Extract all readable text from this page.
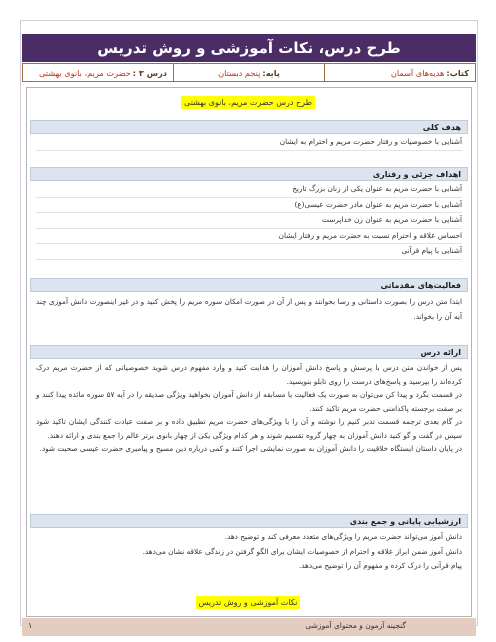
طرح درس، نکات آموزشی و روش تدریس
کتاب:
هدیه‌های آسمان
پایه:
پنجم دبستان
درس ۳ :
حضرت مریم، بانوی بهشتی
طرح درس حضرت مریم، بانوی بهشتی
هدف کلی
آشنایی با خصوصیات و رفتار حضرت مریم و احترام به ایشان
اهداف جزئی و رفتاری
آشنایی با حضرت مریم به عنوان یکی از زنان بزرگ تاریخ
آشنایی با حضرت مریم به عنوان مادر حضرت عیسی(ع)
آشنایی با حضرت مریم به عنوان زن خداپرست
احساس علاقه و احترام نسبت به حضرت مریم و رفتار ایشان
آشنایی با پیام قرآنی
فعالیت‌های مقدماتی

ابتدا متن درس را بصورت داستانی و رسا بخوانند و پس از آن در صورت امکان سوره مریم را پخش کنید و در غیر اینصورت دانش آموزی چند آیه آن را بخواند.

ارائه درس

پس از خواندن متن درس با پرسش و پاسخ دانش آموزان را هدایت کنید و وارد مفهوم درس شوید خصوصیاتی که از حضرت مریم درک کرده‌اند را بپرسید و پاسخ‌های درست را روی تابلو بنویسید.

در قسمت بگرد و پیدا کن می‌توان به صورت یک فعالیت یا مسابقه از دانش آموزان بخواهید ویژگی صدیقه را در آیه ۵۷ سوره مائده پیدا کنند و بر صفت برجسته پاکدامنی حضرت مریم تاکید کنند.

در گام بعدی ترجمه قسمت تدبر کنیم را نوشته و آن را با ویژگی‌های حضرت مریم تطبیق داده و بر صفت عبادت کنندگی ایشان تاکید شود سپس در گفت و گو کنید دانش آموزان به چهار گروه تقسیم شوند و هر کدام ویژگی یکی از چهار بانوی برتر عالم را جمع بندی و ارائه دهند.

در پایان داستان ایستگاه خلاقیت را دانش آموزان به صورت نمایشی اجرا کنند و کمی درباره دین مسیح و پیامبری حضرت عیسی صحبت شود.

ارزشیابی پایانی و جمع بندی
دانش آموز می‌تواند حضرت مریم را ویژگی‌های متعدد معرفی کند و توضیح دهد.
دانش آموز ضمن ابراز علاقه و احترام از خصوصیات ایشان برای الگو گرفتن در زندگی علاقه نشان می‌دهد.
پیام قرآنی را درک کرده و مفهوم آن را توضیح می‌دهد.
نکات آموزشی و روش تدریس
گنجینه آزمون و محتوای آموزشی
۱
